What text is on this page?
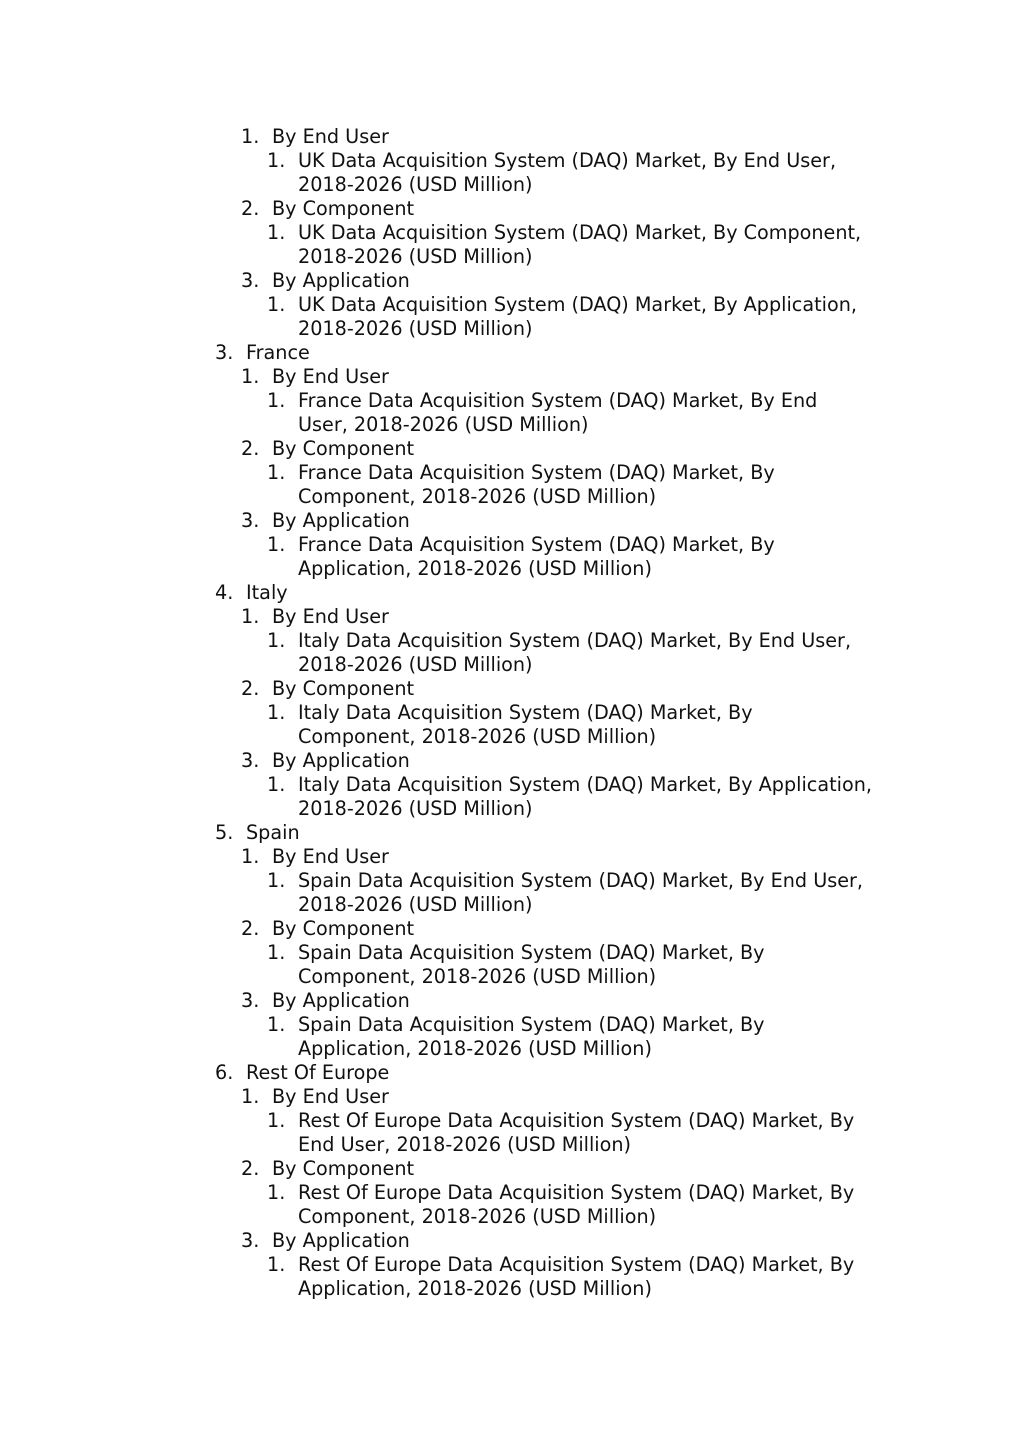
1. By End User
1. UK Data Acquisition System (DAQ) Market, By End User,
2018-2026 (USD Million)
2. By Component
1. UK Data Acquisition System (DAQ) Market, By Component,
2018-2026 (USD Million)
3. By Application
1. UK Data Acquisition System (DAQ) Market, By Application,
2018-2026 (USD Million)
3. France
1. By End User
1. France Data Acquisition System (DAQ) Market, By End
User, 2018-2026 (USD Million)
2. By Component
1. France Data Acquisition System (DAQ) Market, By
Component, 2018-2026 (USD Million)
3. By Application
1. France Data Acquisition System (DAQ) Market, By
Application, 2018-2026 (USD Million)
4. Italy
1. By End User
1. Italy Data Acquisition System (DAQ) Market, By End User,
2018-2026 (USD Million)
2. By Component
1. Italy Data Acquisition System (DAQ) Market, By
Component, 2018-2026 (USD Million)
3. By Application
1. Italy Data Acquisition System (DAQ) Market, By Application,
2018-2026 (USD Million)
5. Spain
1. By End User
1. Spain Data Acquisition System (DAQ) Market, By End User,
2018-2026 (USD Million)
2. By Component
1. Spain Data Acquisition System (DAQ) Market, By
Component, 2018-2026 (USD Million)
3. By Application
1. Spain Data Acquisition System (DAQ) Market, By
Application, 2018-2026 (USD Million)
6. Rest Of Europe
1. By End User
1. Rest Of Europe Data Acquisition System (DAQ) Market, By
End User, 2018-2026 (USD Million)
2. By Component
1. Rest Of Europe Data Acquisition System (DAQ) Market, By
Component, 2018-2026 (USD Million)
3. By Application
1. Rest Of Europe Data Acquisition System (DAQ) Market, By
Application, 2018-2026 (USD Million)
